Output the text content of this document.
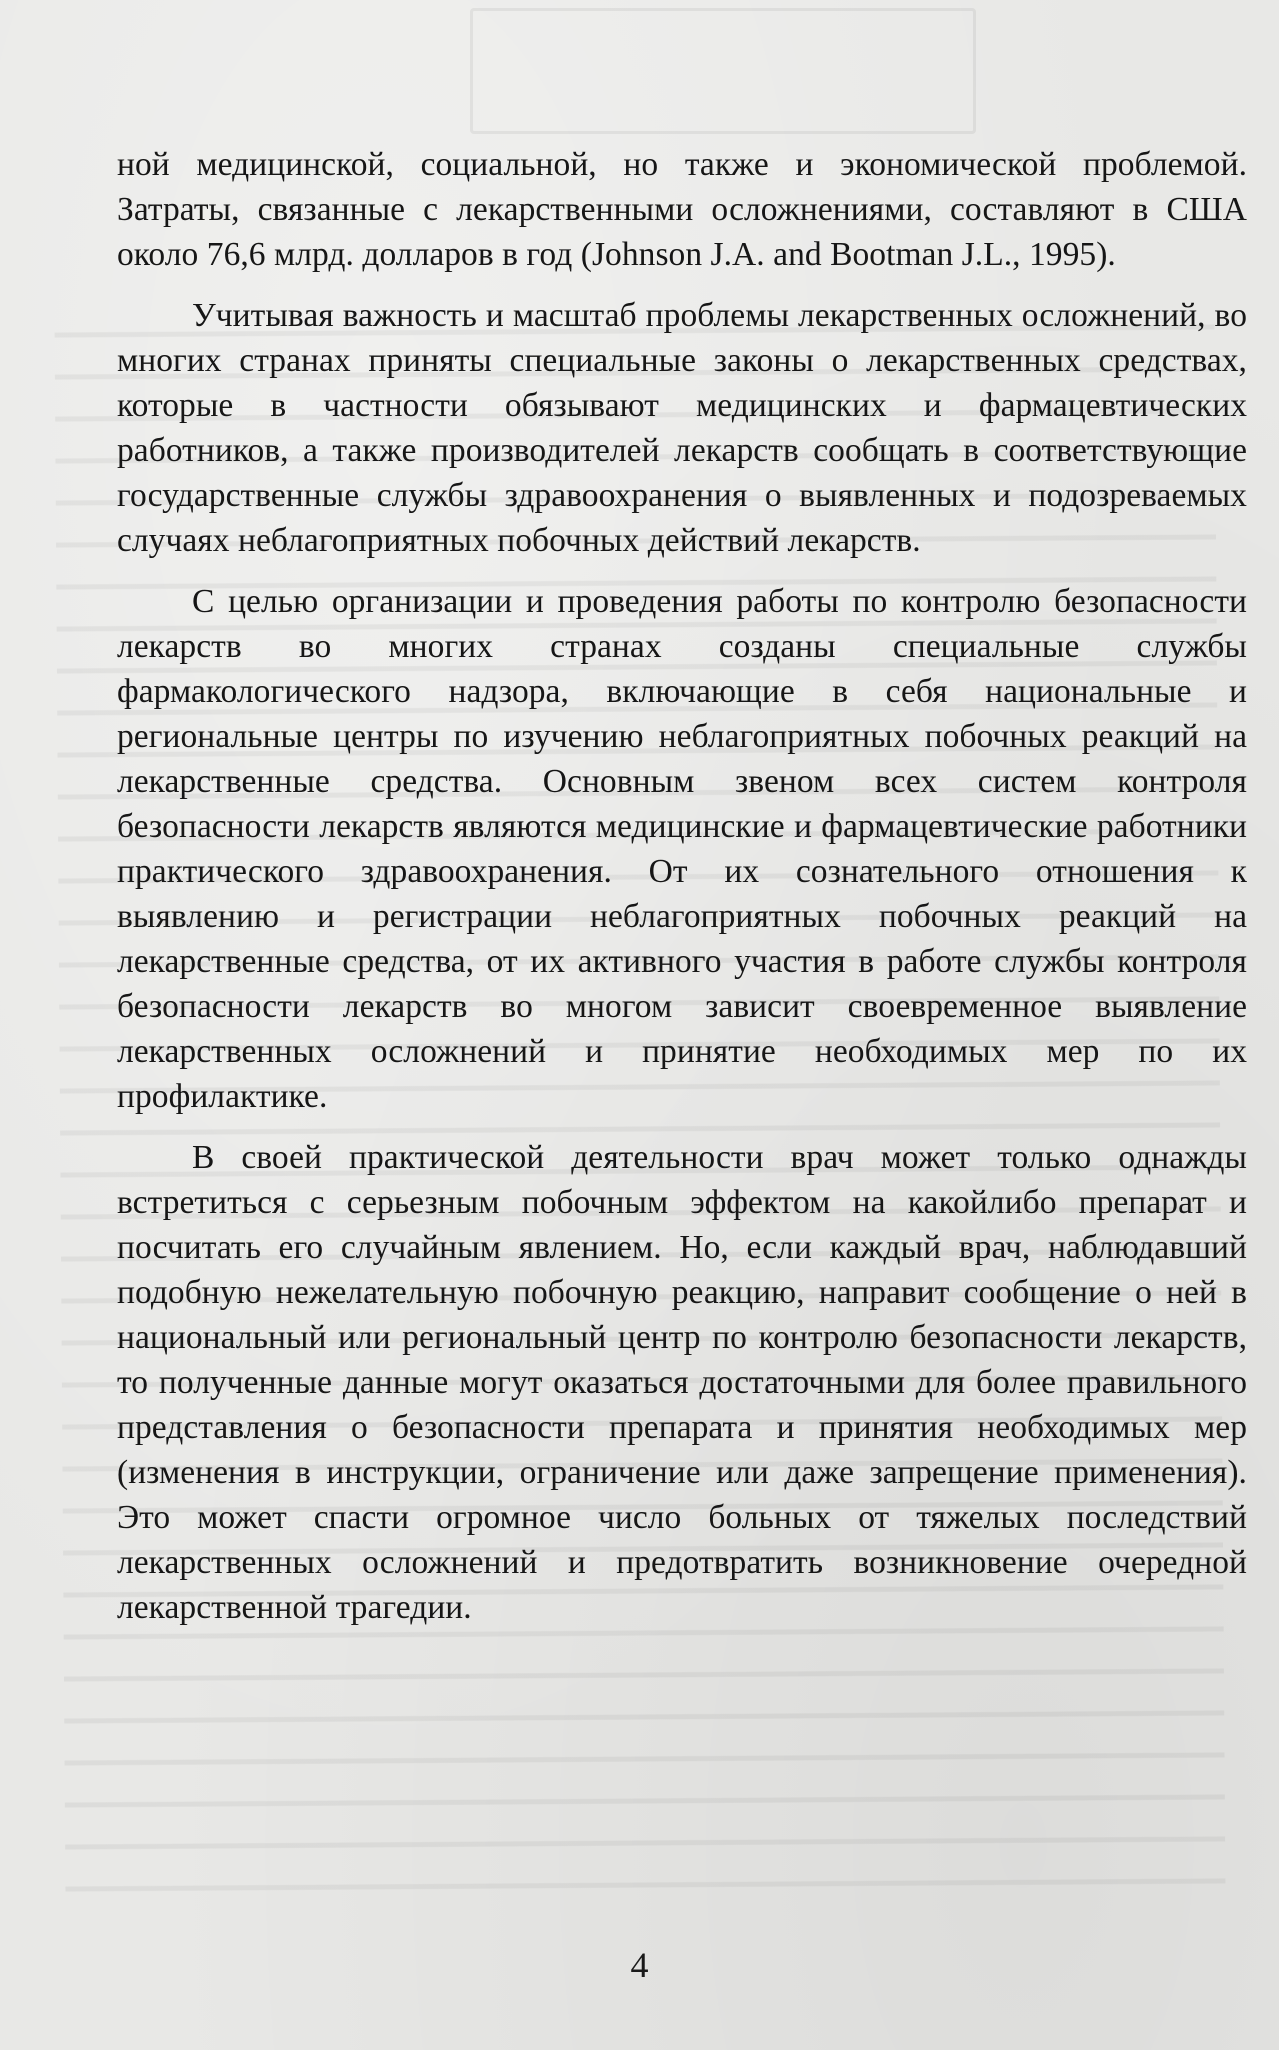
ной медицинской, социальной, но также и экономической проблемой. Затраты, связанные с лекарственными осложнениями, составляют в США около 76,6 млрд. долларов в год (Johnson J.A. and Bootman J.L., 1995).

Учитывая важность и масштаб проблемы лекарственных осложнений, во многих странах приняты специальные законы о лекарственных средствах, которые в частности обязывают медицинских и фармацевтических работников, а также производителей лекарств сообщать в соответствующие государственные службы здравоохранения о выявленных и подозреваемых случаях неблагоприятных побочных действий лекарств.

С целью организации и проведения работы по контролю безопасности лекарств во многих странах созданы специальные службы фармакологического надзора, включающие в себя национальные и региональные центры по изучению неблагоприятных побочных реакций на лекарственные средства. Основным звеном всех систем контроля безопасности лекарств являются медицинские и фармацевтические работники практического здравоохранения. От их сознательного отношения к выявлению и регистрации неблагоприятных побочных реакций на лекарственные средства, от их активного участия в работе службы контроля безопасности лекарств во многом зависит своевременное выявление лекарственных осложнений и принятие необходимых мер по их профилактике.

В своей практической деятельности врач может только однажды встретиться с серьезным побочным эффектом на какойлибо препарат и посчитать его случайным явлением. Но, если каждый врач, наблюдавший подобную нежелательную побочную реакцию, направит сообщение о ней в национальный или региональный центр по контролю безопасности лекарств, то полученные данные могут оказаться достаточными для более правильного представления о безопасности препарата и принятия необходимых мер (изменения в инструкции, ограничение или даже запрещение применения). Это может спасти огромное число больных от тяжелых последствий лекарственных осложнений и предотвратить возникновение очередной лекарственной трагедии.

4
